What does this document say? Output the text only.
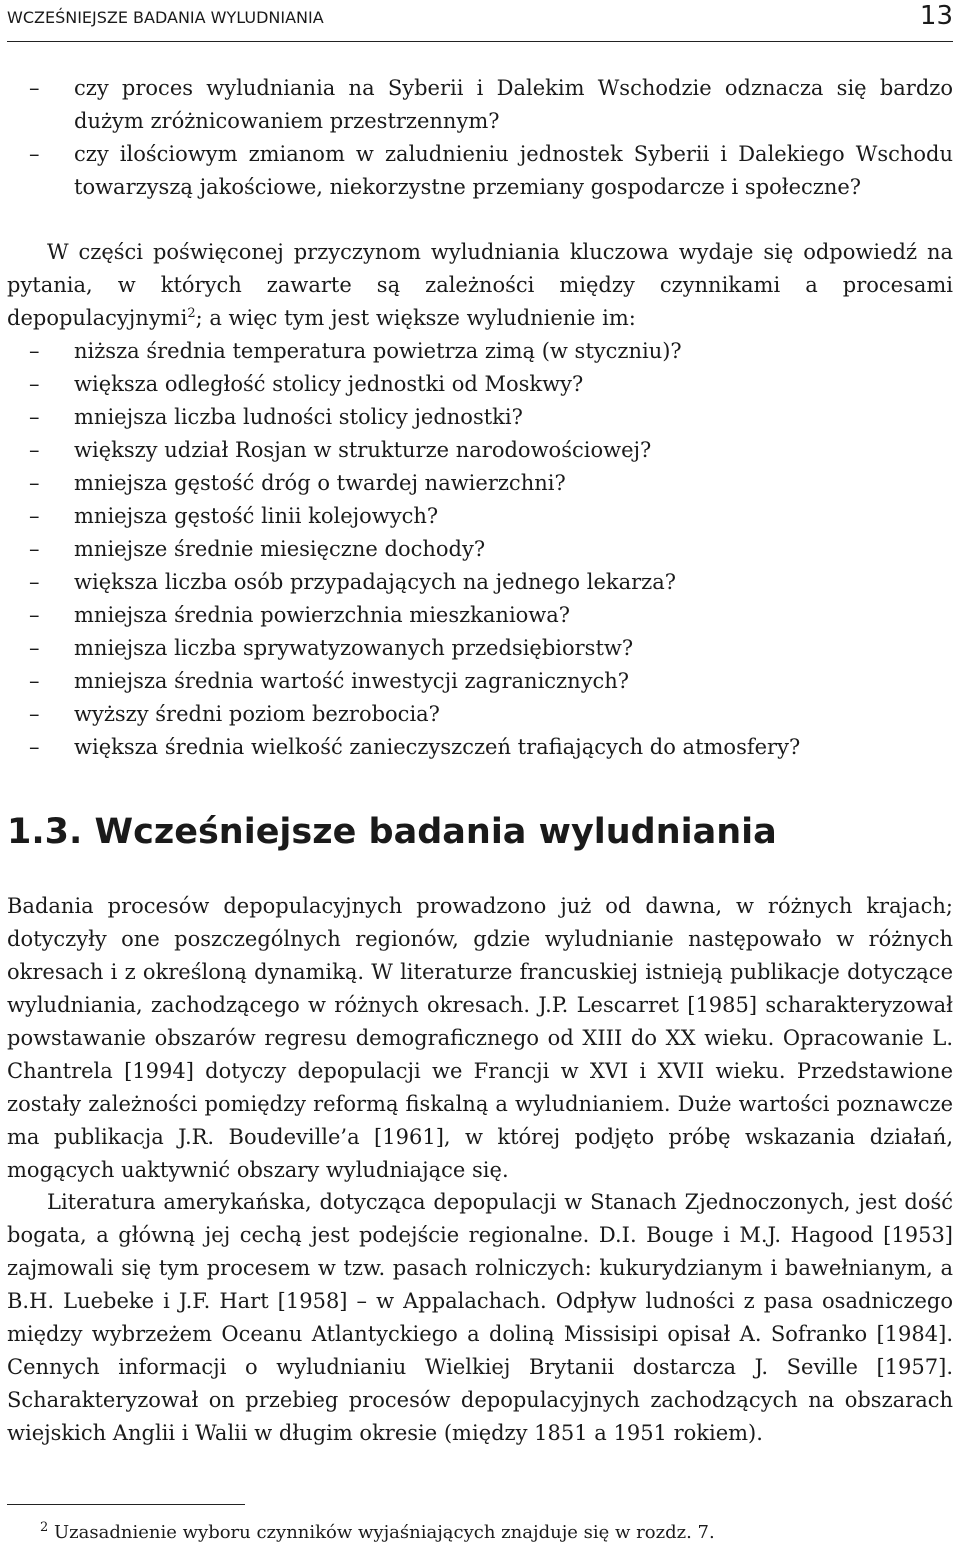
WCZEŚNIEJSZE BADANIA WYLUDNIANIA	13
– czy proces wyludniania na Syberii i Dalekim Wschodzie odznacza się bardzo dużym zróżnicowaniem przestrzennym?
– czy ilościowym zmianom w zaludnieniu jednostek Syberii i Dalekiego Wschodu towarzyszą jakościowe, niekorzystne przemiany gospodarcze i społeczne?
W części poświęconej przyczynom wyludniania kluczowa wydaje się odpowiedź na pytania, w których zawarte są zależności między czynnikami a procesami depopulacyjnymi$^2$; a więc tym jest większe wyludnienie im:
– niższa średnia temperatura powietrza zimą (w styczniu)?
– większa odległość stolicy jednostki od Moskwy?
– mniejsza liczba ludności stolicy jednostki?
– większy udział Rosjan w strukturze narodowościowej?
– mniejsza gęstość dróg o twardej nawierzchni?
– mniejsza gęstość linii kolejowych?
– mniejsze średnie miesięczne dochody?
– większa liczba osób przypadających na jednego lekarza?
– mniejsza średnia powierzchnia mieszkaniowa?
– mniejsza liczba sprywatyzowanych przedsiębiorstw?
– mniejsza średnia wartość inwestycji zagranicznych?
– wyższy średni poziom bezrobocia?
– większa średnia wielkość zanieczyszczeń trafiających do atmosfery?
1.3. Wcześniejsze badania wyludniania
Badania procesów depopulacyjnych prowadzono już od dawna, w różnych krajach; dotyczyły one poszczególnych regionów, gdzie wyludnianie następowało w różnych okresach i z określoną dynamiką. W literaturze francuskiej istnieją publikacje dotyczące wyludniania, zachodzącego w różnych okresach. J.P. Lescarret [1985] scharakteryzował powstawanie obszarów regresu demograficznego od XIII do XX wieku. Opracowanie L. Chantrela [1994] dotyczy depopulacji we Francji w XVI i XVII wieku. Przedstawione zostały zależności pomiędzy reformą fiskalną a wyludnianiem. Duże wartości poznawcze ma publikacja J.R. Boudeville’a [1961], w której podjęto próbę wskazania działań, mogących uaktywnić obszary wyludniające się.
Literatura amerykańska, dotycząca depopulacji w Stanach Zjednoczonych, jest dość bogata, a główną jej cechą jest podejście regionalne. D.I. Bouge i M.J. Hagood [1953] zajmowali się tym procesem w tzw. pasach rolniczych: kukurydzianym i bawełnianym, a B.H. Luebeke i J.F. Hart [1958] – w Appalachach. Odpływ ludności z pasa osadniczego między wybrzeżem Oceanu Atlantyckiego a doliną Missisipi opisał A. Sofranko [1984]. Cennych informacji o wyludnianiu Wielkiej Brytanii dostarcza J. Seville [1957]. Scharakteryzował on przebieg procesów depopulacyjnych zachodzących na obszarach wiejskich Anglii i Walii w długim okresie (między 1851 a 1951 rokiem).
$^2$ Uzasadnienie wyboru czynników wyjaśniających znajduje się w rozdz. 7.
